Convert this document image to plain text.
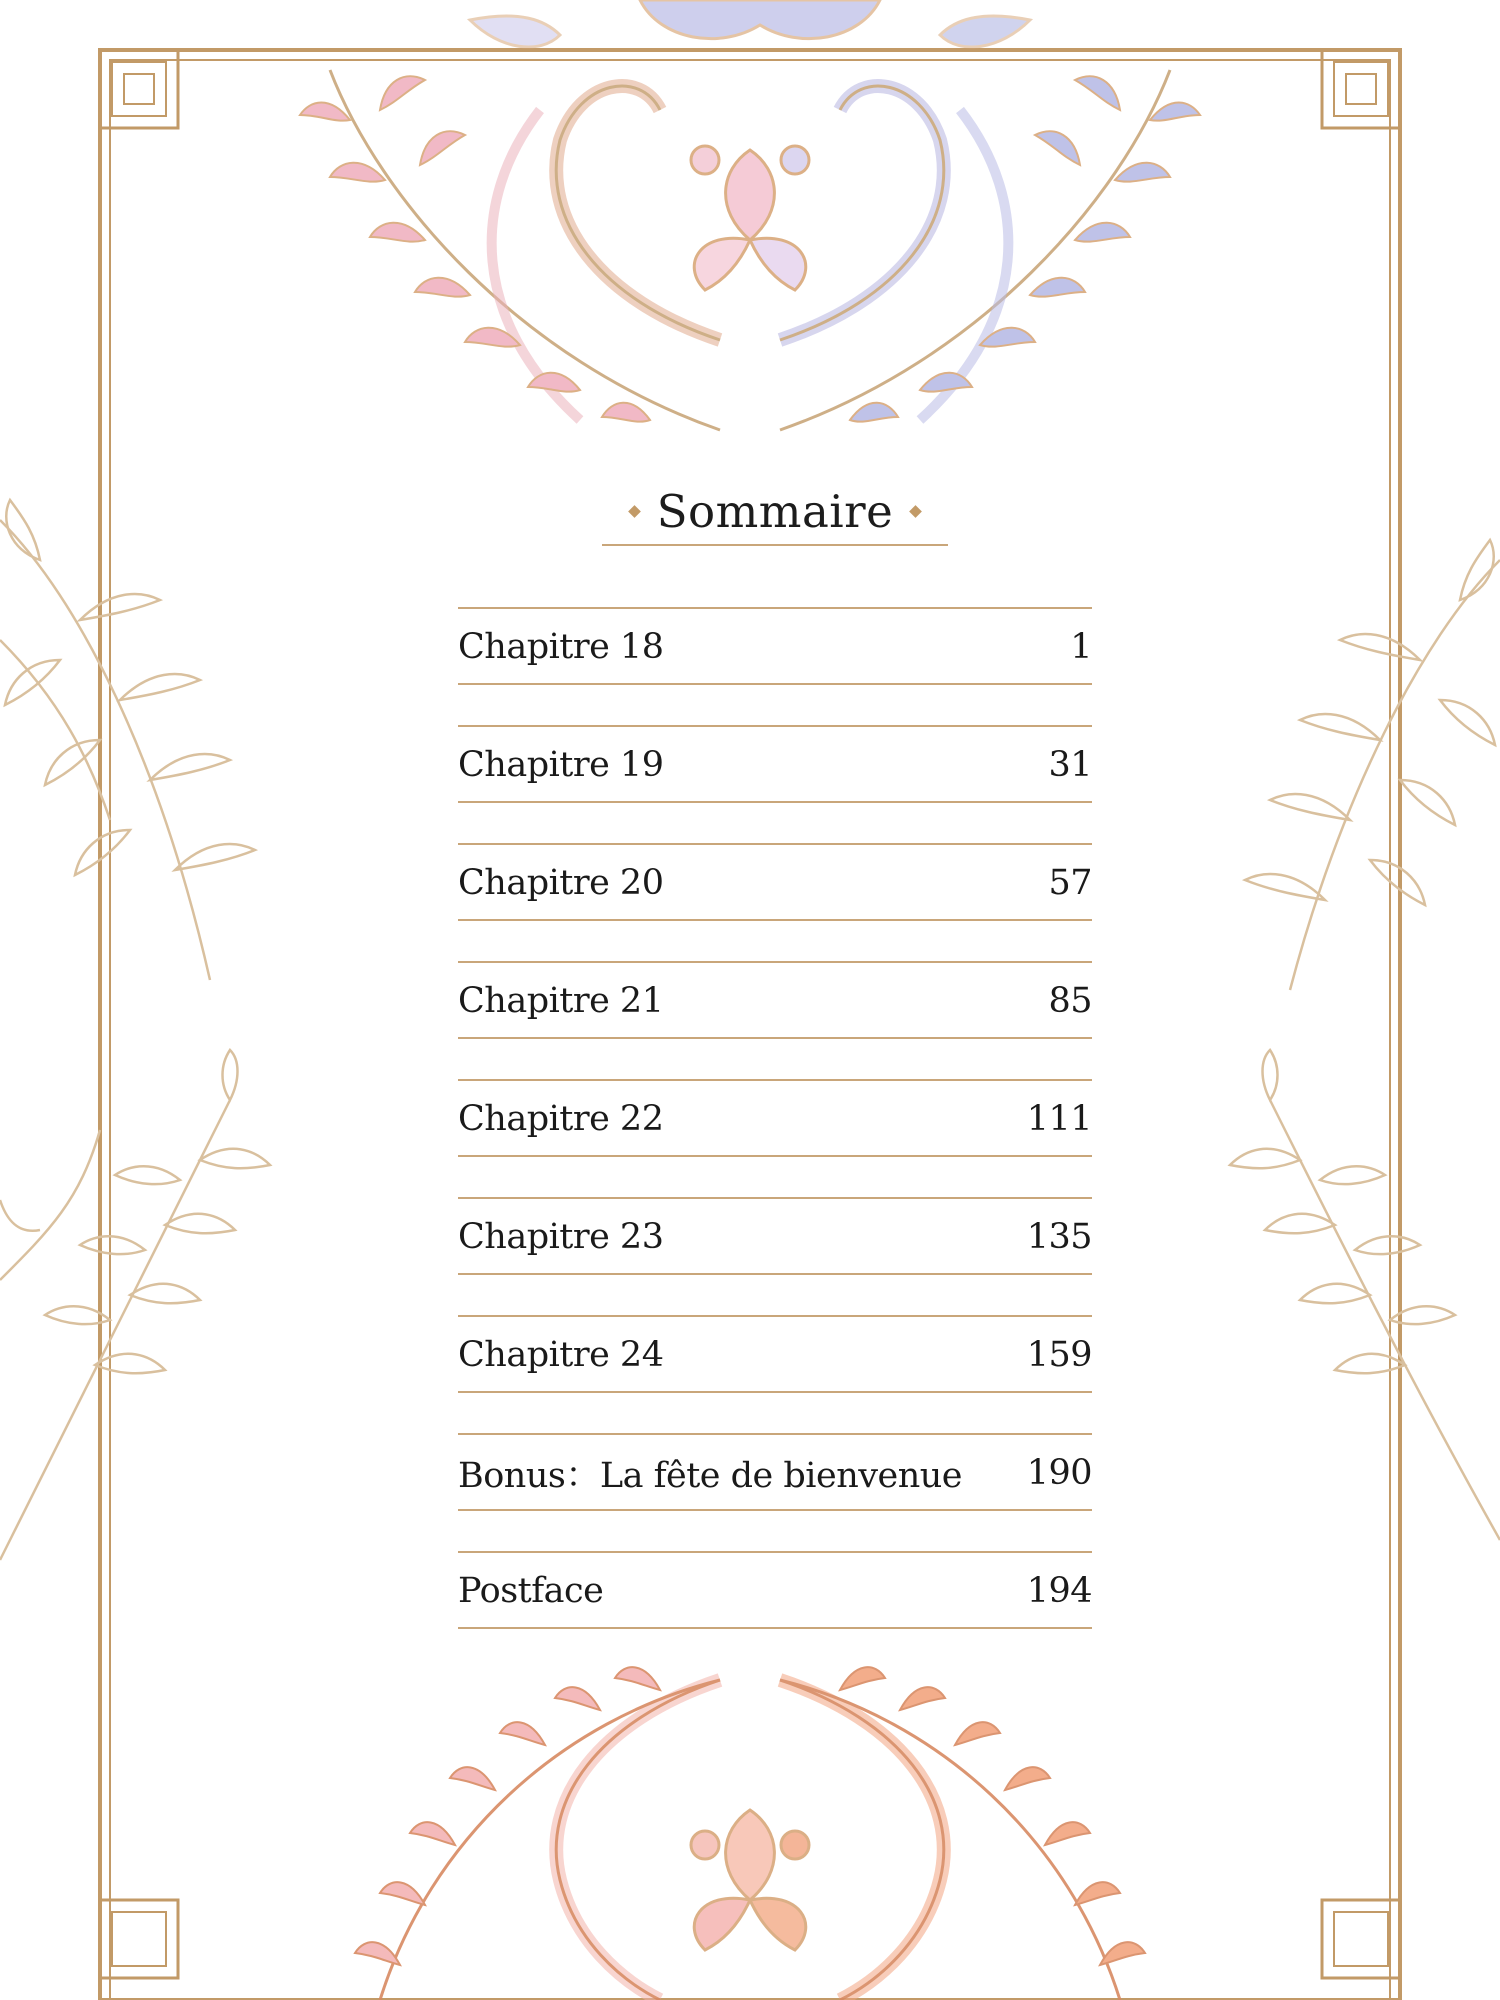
Sommaire
Chapitre 18	1
Chapitre 19	31
Chapitre 20	57
Chapitre 21	85
Chapitre 22	111
Chapitre 23	135
Chapitre 24	159
Bonus：La fête de bienvenue 190
Postface	194
